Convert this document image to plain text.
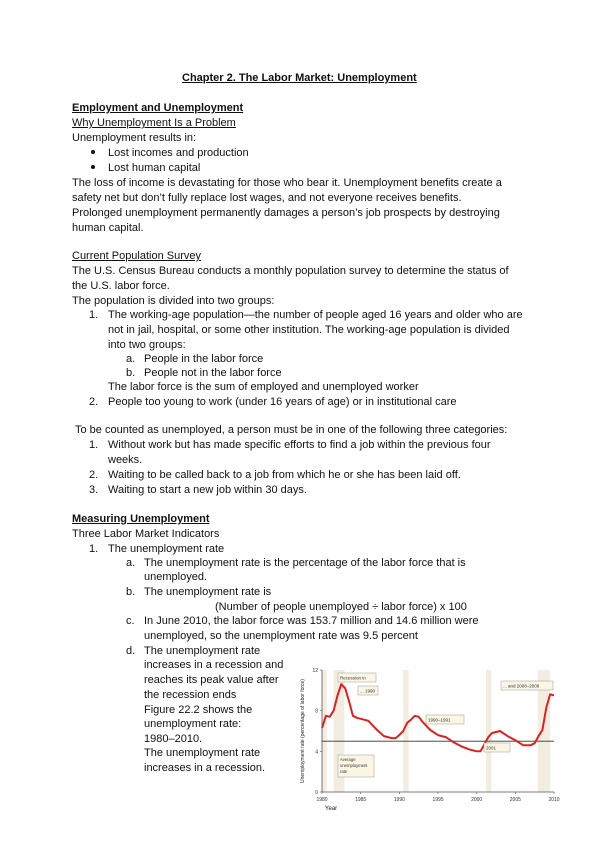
Chapter 2. The Labor Market: Unemployment
Employment and Unemployment
Why Unemployment Is a Problem
Unemployment results in:
Lost incomes and production
Lost human capital
The loss of income is devastating for those who bear it. Unemployment benefits create a
safety net but don’t fully replace lost wages, and not everyone receives benefits.
Prolonged unemployment permanently damages a person’s job prospects by destroying
human capital.
Current Population Survey
The U.S. Census Bureau conducts a monthly population survey to determine the status of
the U.S. labor force.
The population is divided into two groups:
1. The working-age population—the number of people aged 16 years and older who are
not in jail, hospital, or some other institution. The working-age population is divided
into two groups:
a. People in the labor force
b. People not in the labor force
The labor force is the sum of employed and unemployed worker
2. People too young to work (under 16 years of age) or in institutional care
To be counted as unemployed, a person must be in one of the following three categories:
1. Without work but has made specific efforts to find a job within the previous four
weeks.
2. Waiting to be called back to a job from which he or she has been laid off.
3. Waiting to start a new job within 30 days.
Measuring Unemployment
Three Labor Market Indicators
1. The unemployment rate
a. The unemployment rate is the percentage of the labor force that is
unemployed.
b. The unemployment rate is
(Number of people unemployed ÷ labor force) x 100
c. In June 2010, the labor force was 153.7 million and 14.6 million were
unemployed, so the unemployment rate was 9.5 percent
d. The unemployment rate
increases in a recession and
reaches its peak value after
the recession ends
Figure 22.2 shows the
unemployment rate:
1980–2010.
The unemployment rate
increases in a recession.
0
4
8
12
1980	1985	1990	1995	2000	2005	2010
Recession in
... 1990
1990–1991
2001
... and 2008–2009
Average
unemployment
rate
Unemployment rate (percentage of labor force)
Year
